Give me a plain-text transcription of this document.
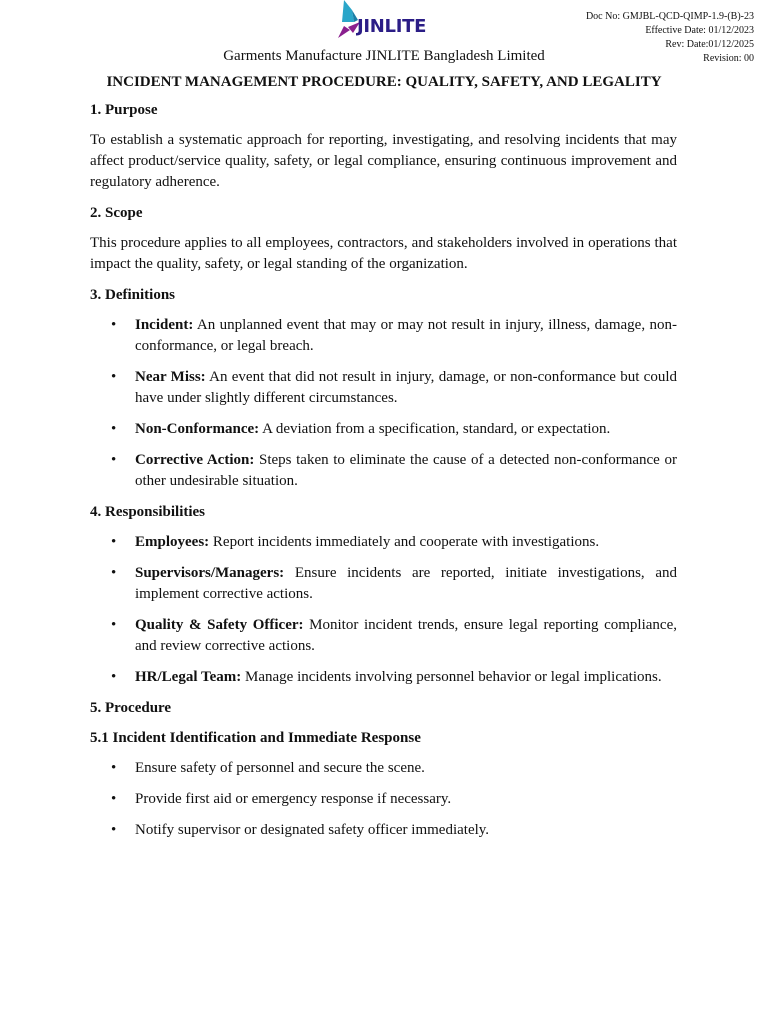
JINLITE	Doc No: GMJBL-QCD-QIMP-1.9-(B)-23
Effective Date: 01/12/2023
Rev: Date:01/12/2025
Revision: 00
Garments Manufacture JINLITE Bangladesh Limited
INCIDENT MANAGEMENT PROCEDURE: QUALITY, SAFETY, AND LEGALITY
1. Purpose

To establish a systematic approach for reporting, investigating, and resolving incidents that may affect product/service quality, safety, or legal compliance, ensuring continuous improvement and regulatory adherence.

2. Scope

This procedure applies to all employees, contractors, and stakeholders involved in operations that impact the quality, safety, or legal standing of the organization.

3. Definitions
• Incident: An unplanned event that may or may not result in injury, illness, damage, non-conformance, or legal breach.
• Near Miss: An event that did not result in injury, damage, or non-conformance but could have under slightly different circumstances.
• Non-Conformance: A deviation from a specification, standard, or expectation.
• Corrective Action: Steps taken to eliminate the cause of a detected non-conformance or other undesirable situation.
4. Responsibilities
• Employees: Report incidents immediately and cooperate with investigations.
• Supervisors/Managers: Ensure incidents are reported, initiate investigations, and implement corrective actions.
• Quality & Safety Officer: Monitor incident trends, ensure legal reporting compliance, and review corrective actions.
• HR/Legal Team: Manage incidents involving personnel behavior or legal implications.
5. Procedure
5.1 Incident Identification and Immediate Response
• Ensure safety of personnel and secure the scene.
• Provide first aid or emergency response if necessary.
• Notify supervisor or designated safety officer immediately.
